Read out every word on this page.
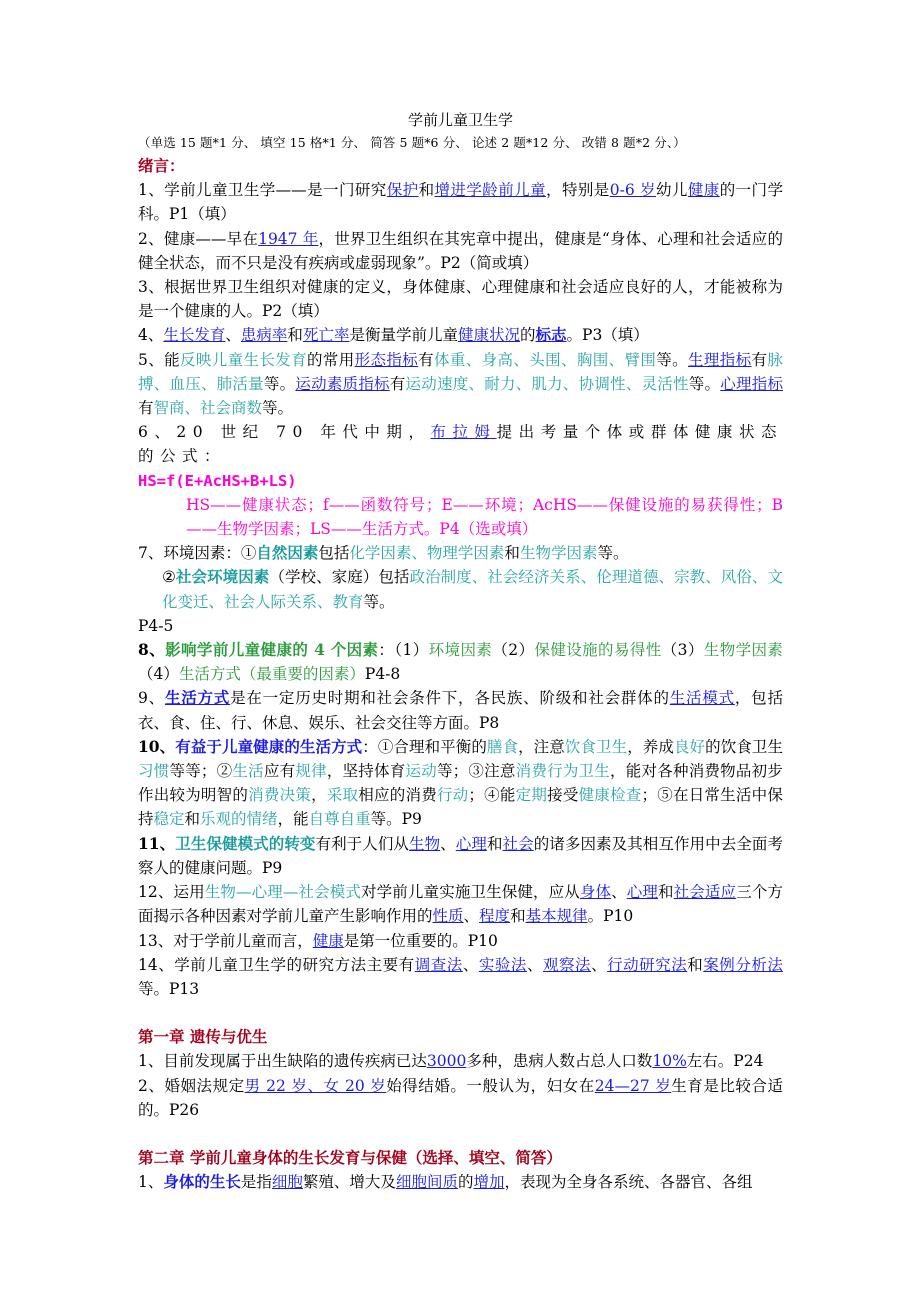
学前儿童卫生学

（单选 15 题*1 分、 填空 15 格*1 分、 简答 5 题*6 分、 论述 2 题*12 分、 改错 8 题*2 分、）

绪言：

1、学前儿童卫生学——是一门研究保护和增进学龄前儿童，特别是0-6 岁幼儿健康的一门学科。P1（填）

2、健康——早在1947 年，世界卫生组织在其宪章中提出，健康是“身体、心理和社会适应的健全状态，而不只是没有疾病或虚弱现象”。P2（简或填）

3、根据世界卫生组织对健康的定义，身体健康、心理健康和社会适应良好的人，才能被称为是一个健康的人。P2（填）

4、生长发育、患病率和死亡率是衡量学前儿童健康状况的标志。P3（填）

5、能反映儿童生长发育的常用形态指标有体重、身高、头围、胸围、臂围等。生理指标有脉搏、血压、肺活量等。运动素质指标有运动速度、耐力、肌力、协调性、灵活性等。心理指标有智商、社会商数等。

6、20 世纪 70 年代中期，布拉姆提出考量个体或群体健康状态的公式：

HS=f(E+AcHS+B+LS)

HS——健康状态；f——函数符号；E——环境；AcHS——保健设施的易获得性；B——生物学因素；LS——生活方式。P4（选或填）

7、环境因素：①自然因素包括化学因素、物理学因素和生物学因素等。

②社会环境因素（学校、家庭）包括政治制度、社会经济关系、伦理道德、宗教、风俗、文化变迁、社会人际关系、教育等。

P4-5

8、影响学前儿童健康的 4 个因素：（1）环境因素（2）保健设施的易得性（3）生物学因素（4）生活方式（最重要的因素）P4-8

9、生活方式是在一定历史时期和社会条件下，各民族、阶级和社会群体的生活模式，包括衣、食、住、行、休息、娱乐、社会交往等方面。P8

10、有益于儿童健康的生活方式：①合理和平衡的膳食，注意饮食卫生，养成良好的饮食卫生习惯等等；②生活应有规律，坚持体育运动等；③注意消费行为卫生，能对各种消费物品初步作出较为明智的消费决策，采取相应的消费行动；④能定期接受健康检查；⑤在日常生活中保持稳定和乐观的情绪，能自尊自重等。P9

11、卫生保健模式的转变有利于人们从生物、心理和社会的诸多因素及其相互作用中去全面考察人的健康问题。P9

12、运用生物—心理—社会模式对学前儿童实施卫生保健，应从身体、心理和社会适应三个方面揭示各种因素对学前儿童产生影响作用的性质、程度和基本规律。P10

13、对于学前儿童而言，健康是第一位重要的。P10

14、学前儿童卫生学的研究方法主要有调查法、实验法、观察法、行动研究法和案例分析法等。P13

第一章 遗传与优生

1、目前发现属于出生缺陷的遗传疾病已达3000多种，患病人数占总人口数10%左右。P24

2、婚姻法规定男 22 岁、女 20 岁始得结婚。一般认为，妇女在24—27 岁生育是比较合适的。P26

第二章 学前儿童身体的生长发育与保健（选择、填空、简答）

1、身体的生长是指细胞繁殖、增大及细胞间质的增加，表现为全身各系统、各器官、各组
